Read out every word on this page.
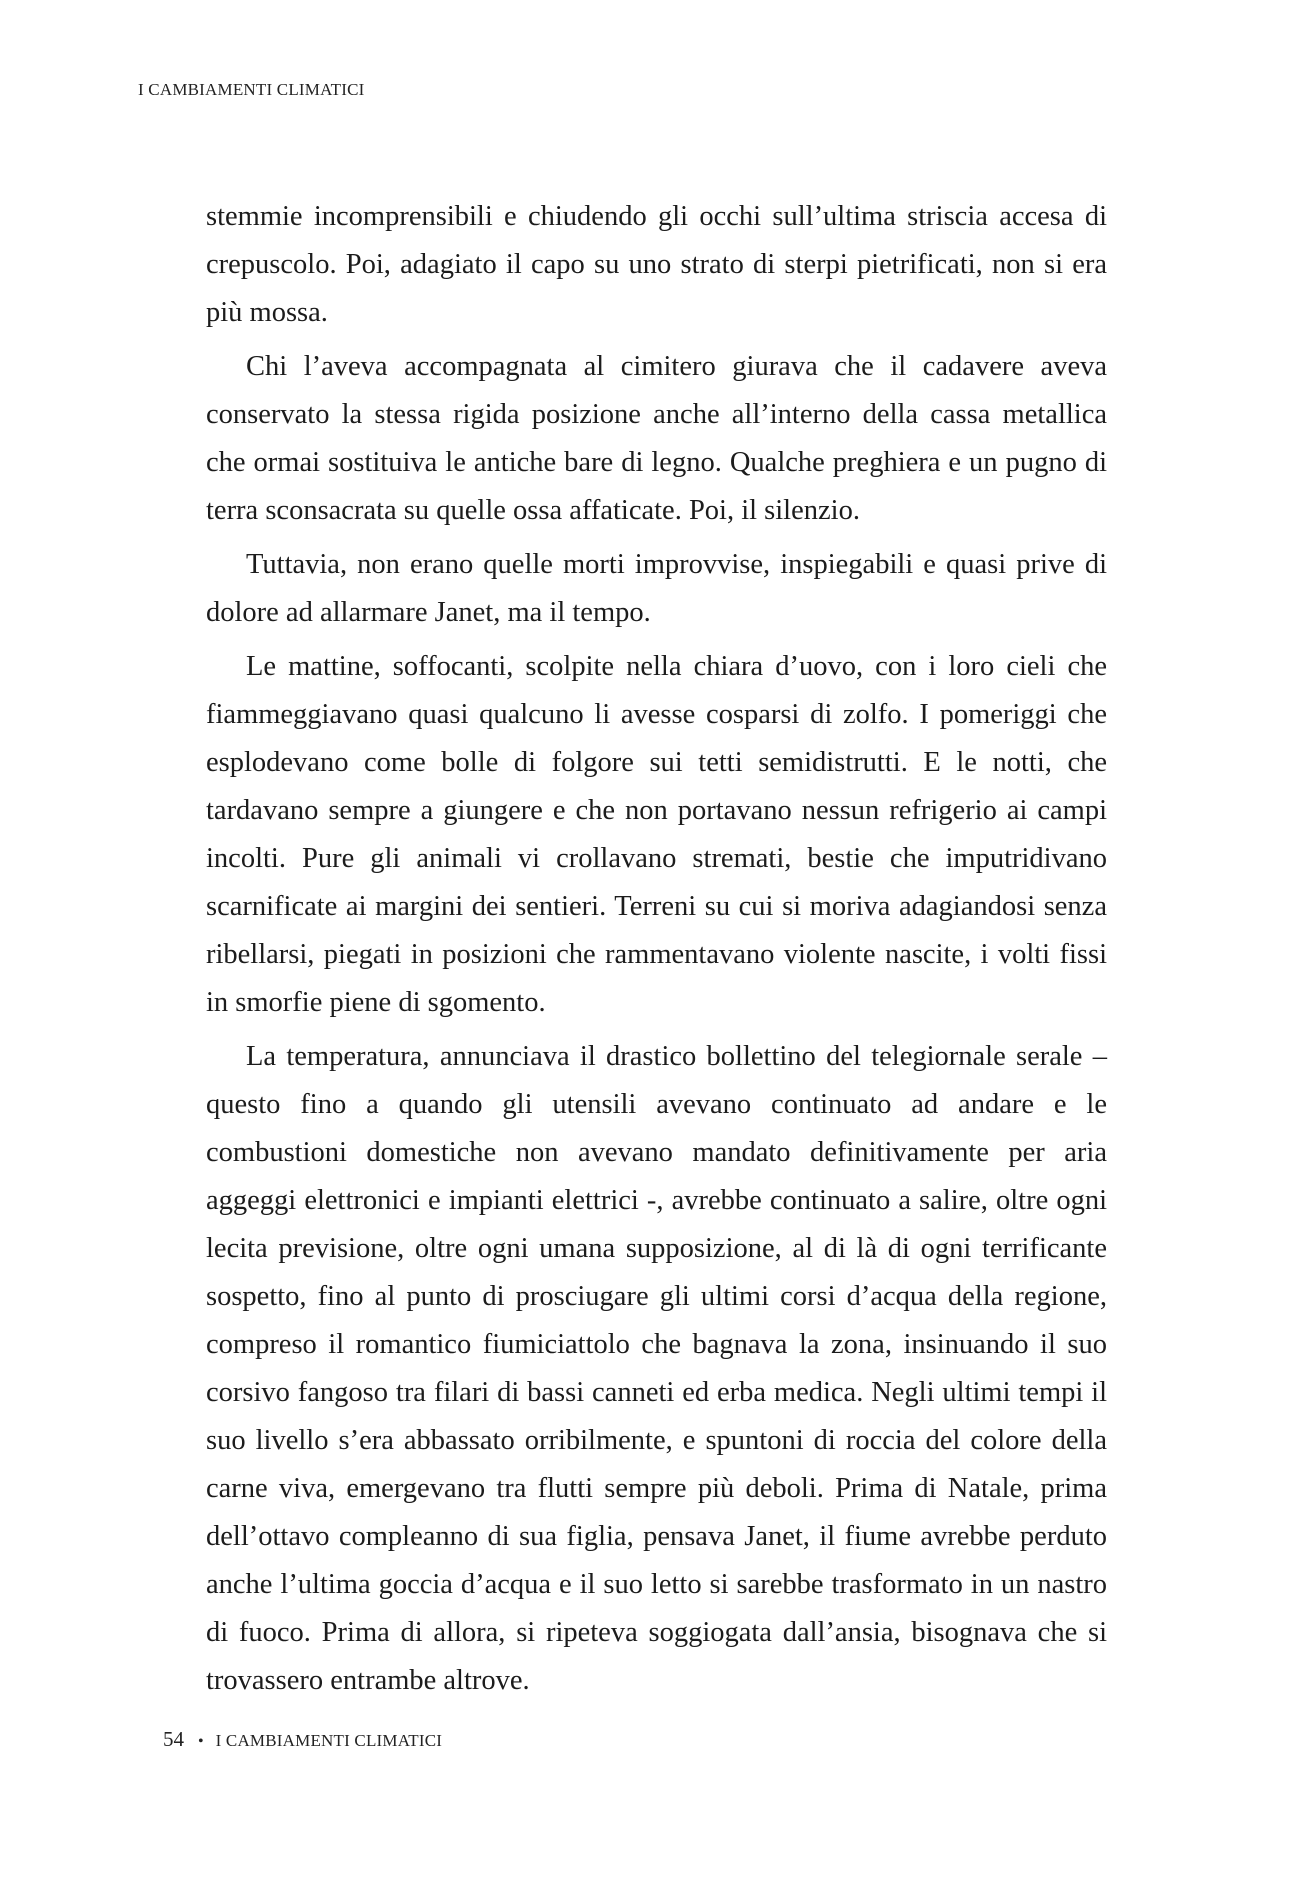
I CAMBIAMENTI CLIMATICI

stemmie incomprensibili e chiudendo gli occhi sull’ultima striscia accesa di crepuscolo. Poi, adagiato il capo su uno strato di sterpi pietrificati, non si era più mossa.

Chi l’aveva accompagnata al cimitero giurava che il cadavere aveva conservato la stessa rigida posizione anche all’interno della cassa metallica che ormai sostituiva le antiche bare di legno. Qualche preghiera e un pugno di terra sconsacrata su quelle ossa affaticate. Poi, il silenzio.

Tuttavia, non erano quelle morti improvvise, inspiegabili e quasi prive di dolore ad allarmare Janet, ma il tempo.

Le mattine, soffocanti, scolpite nella chiara d’uovo, con i loro cieli che fiammeggiavano quasi qualcuno li avesse cosparsi di zolfo. I pomeriggi che esplodevano come bolle di folgore sui tetti semidistrutti. E le notti, che tardavano sempre a giungere e che non portavano nessun refrigerio ai campi incolti. Pure gli animali vi crollavano stremati, bestie che imputridivano scarnificate ai margini dei sentieri. Terreni su cui si moriva adagiandosi senza ribellarsi, piegati in posizioni che rammentavano violente nascite, i volti fissi in smorfie piene di sgomento.

La temperatura, annunciava il drastico bollettino del telegiornale serale – questo fino a quando gli utensili avevano continuato ad andare e le combustioni domestiche non avevano mandato definitivamente per aria aggeggi elettronici e impianti elettrici -, avrebbe continuato a salire, oltre ogni lecita previsione, oltre ogni umana supposizione, al di là di ogni terrificante sospetto, fino al punto di prosciugare gli ultimi corsi d’acqua della regione, compreso il romantico fiumiciattolo che bagnava la zona, insinuando il suo corsivo fangoso tra filari di bassi canneti ed erba medica. Negli ultimi tempi il suo livello s’era abbassato orribilmente, e spuntoni di roccia del colore della carne viva, emergevano tra flutti sempre più deboli. Prima di Natale, prima dell’ottavo compleanno di sua figlia, pensava Janet, il fiume avrebbe perduto anche l’ultima goccia d’acqua e il suo letto si sarebbe trasformato in un nastro di fuoco. Prima di allora, si ripeteva soggiogata dall’ansia, bisognava che si trovassero entrambe altrove.

54 • I CAMBIAMENTI CLIMATICI
